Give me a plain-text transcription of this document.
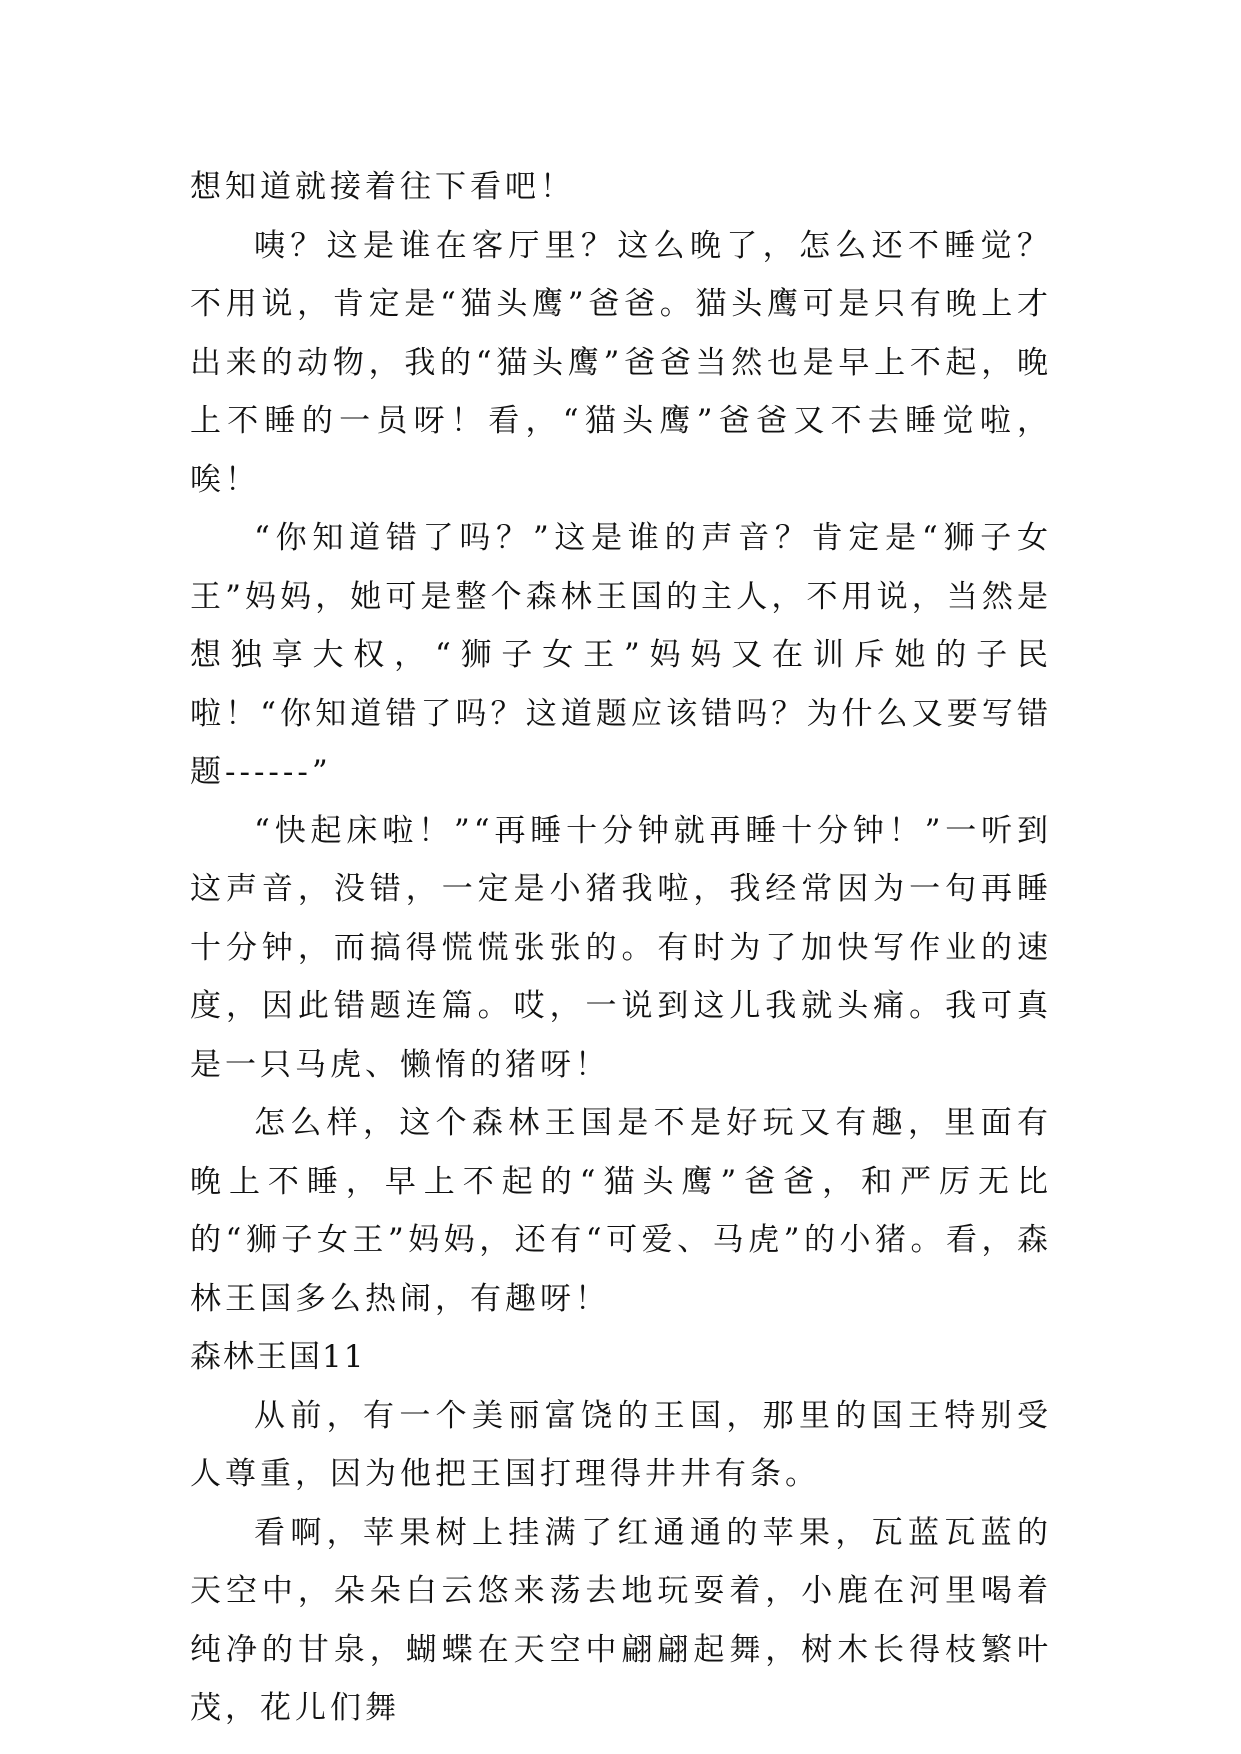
想知道就接着往下看吧！

咦？这是谁在客厅里？这么晚了，怎么还不睡觉？不用说，肯定是“猫头鹰”爸爸。猫头鹰可是只有晚上才出来的动物，我的“猫头鹰”爸爸当然也是早上不起，晚上不睡的一员呀！看，“猫头鹰”爸爸又不去睡觉啦，唉！

“你知道错了吗？”这是谁的声音？肯定是“狮子女王”妈妈，她可是整个森林王国的主人，不用说，当然是想独享大权，“狮子女王”妈妈又在训斥她的子民啦！“你知道错了吗？这道题应该错吗？为什么又要写错题------”

“快起床啦！”“再睡十分钟就再睡十分钟！”一听到这声音，没错，一定是小猪我啦，我经常因为一句再睡十分钟，而搞得慌慌张张的。有时为了加快写作业的速度，因此错题连篇。哎，一说到这儿我就头痛。我可真是一只马虎、懒惰的猪呀！

怎么样，这个森林王国是不是好玩又有趣，里面有晚上不睡，早上不起的“猫头鹰”爸爸，和严厉无比的“狮子女王”妈妈，还有“可爱、马虎”的小猪。看，森林王国多么热闹，有趣呀！

森林王国11

从前，有一个美丽富饶的王国，那里的国王特别受人尊重，因为他把王国打理得井井有条。

看啊，苹果树上挂满了红通通的苹果，瓦蓝瓦蓝的天空中，朵朵白云悠来荡去地玩耍着，小鹿在河里喝着纯净的甘泉，蝴蝶在天空中翩翩起舞，树木长得枝繁叶茂，花儿们舞
